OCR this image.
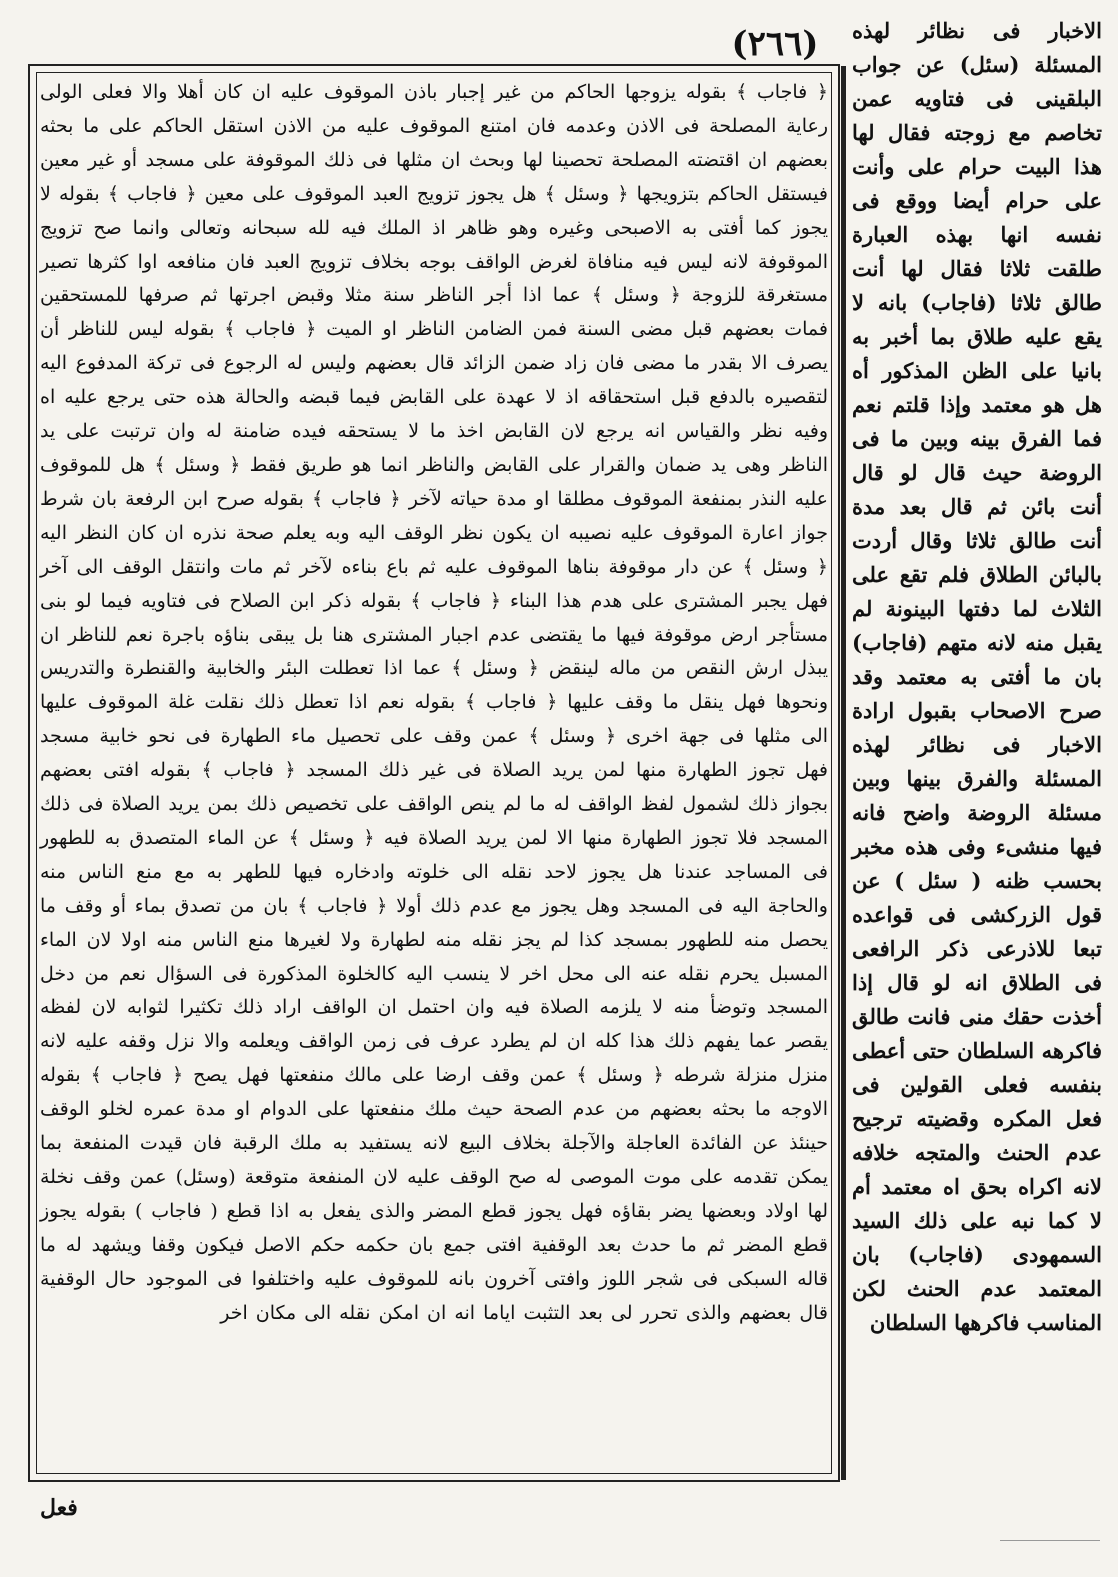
(٢٦٦)

﴿ فاجاب ﴾ بقوله يزوجها الحاكم من غير إجبار باذن الموقوف عليه ان كان أهلا والا فعلى الولى رعاية المصلحة فى الاذن وعدمه فان امتنع الموقوف عليه من الاذن استقل الحاكم على ما بحثه بعضهم ان اقتضته المصلحة تحصينا لها وبحث ان مثلها فى ذلك الموقوفة على مسجد أو غير معين فيستقل الحاكم بتزويجها ﴿ وسئل ﴾ هل يجوز تزويج العبد الموقوف على معين ﴿ فاجاب ﴾ بقوله لا يجوز كما أفتى به الاصبحى وغيره وهو ظاهر اذ الملك فيه لله سبحانه وتعالى وانما صح تزويج الموقوفة لانه ليس فيه منافاة لغرض الواقف بوجه بخلاف تزويج العبد فان منافعه اوا كثرها تصير مستغرقة للزوجة ﴿ وسئل ﴾ عما اذا أجر الناظر سنة مثلا وقبض اجرتها ثم صرفها للمستحقين فمات بعضهم قبل مضى السنة فمن الضامن الناظر او الميت ﴿ فاجاب ﴾ بقوله ليس للناظر أن يصرف الا بقدر ما مضى فان زاد ضمن الزائد قال بعضهم وليس له الرجوع فى تركة المدفوع اليه لتقصيره بالدفع قبل استحقاقه اذ لا عهدة على القابض فيما قبضه والحالة هذه حتى يرجع عليه اه وفيه نظر والقياس انه يرجع لان القابض اخذ ما لا يستحقه فيده ضامنة له وان ترتبت على يد الناظر وهى يد ضمان والقرار على القابض والناظر انما هو طريق فقط ﴿ وسئل ﴾ هل للموقوف عليه النذر بمنفعة الموقوف مطلقا او مدة حياته لآخر ﴿ فاجاب ﴾ بقوله صرح ابن الرفعة بان شرط جواز اعارة الموقوف عليه نصيبه ان يكون نظر الوقف اليه وبه يعلم صحة نذره ان كان النظر اليه ﴿ وسئل ﴾ عن دار موقوفة بناها الموقوف عليه ثم باع بناءه لآخر ثم مات وانتقل الوقف الى آخر فهل يجبر المشترى على هدم هذا البناء ﴿ فاجاب ﴾ بقوله ذكر ابن الصلاح فى فتاويه فيما لو بنى مستأجر ارض موقوفة فيها ما يقتضى عدم اجبار المشترى هنا بل يبقى بناؤه باجرة نعم للناظر ان يبذل ارش النقص من ماله لينقض ﴿ وسئل ﴾ عما اذا تعطلت البئر والخابية والقنطرة والتدريس ونحوها فهل ينقل ما وقف عليها ﴿ فاجاب ﴾ بقوله نعم اذا تعطل ذلك نقلت غلة الموقوف عليها الى مثلها فى جهة اخرى ﴿ وسئل ﴾ عمن وقف على تحصيل ماء الطهارة فى نحو خابية مسجد فهل تجوز الطهارة منها لمن يريد الصلاة فى غير ذلك المسجد ﴿ فاجاب ﴾ بقوله افتى بعضهم بجواز ذلك لشمول لفظ الواقف له ما لم ينص الواقف على تخصيص ذلك بمن يريد الصلاة فى ذلك المسجد فلا تجوز الطهارة منها الا لمن يريد الصلاة فيه ﴿ وسئل ﴾ عن الماء المتصدق به للطهور فى المساجد عندنا هل يجوز لاحد نقله الى خلوته وادخاره فيها للطهر به مع منع الناس منه والحاجة اليه فى المسجد وهل يجوز مع عدم ذلك أولا ﴿ فاجاب ﴾ بان من تصدق بماء أو وقف ما يحصل منه للطهور بمسجد كذا لم يجز نقله منه لطهارة ولا لغيرها منع الناس منه اولا لان الماء المسبل يحرم نقله عنه الى محل اخر لا ينسب اليه كالخلوة المذكورة فى السؤال نعم من دخل المسجد وتوضأ منه لا يلزمه الصلاة فيه وان احتمل ان الواقف اراد ذلك تكثيرا لثوابه لان لفظه يقصر عما يفهم ذلك هذا كله ان لم يطرد عرف فى زمن الواقف ويعلمه والا نزل وقفه عليه لانه منزل منزلة شرطه ﴿ وسئل ﴾ عمن وقف ارضا على مالك منفعتها فهل يصح ﴿ فاجاب ﴾ بقوله الاوجه ما بحثه بعضهم من عدم الصحة حيث ملك منفعتها على الدوام او مدة عمره لخلو الوقف حينئذ عن الفائدة العاجلة والآجلة بخلاف البيع لانه يستفيد به ملك الرقبة فان قيدت المنفعة بما يمكن تقدمه على موت الموصى له صح الوقف عليه لان المنفعة متوقعة (وسئل) عمن وقف نخلة لها اولاد وبعضها يضر بقاؤه فهل يجوز قطع المضر والذى يفعل به اذا قطع ( فاجاب ) بقوله يجوز قطع المضر ثم ما حدث بعد الوقفية افتى جمع بان حكمه حكم الاصل فيكون وقفا ويشهد له ما قاله السبكى فى شجر اللوز وافتى آخرون بانه للموقوف عليه واختلفوا فى الموجود حال الوقفية قال بعضهم والذى تحرر لى بعد التثبت اياما انه ان امكن نقله الى مكان اخر

الاخبار فى نظائر لهذه المسئلة (سئل) عن جواب البلقينى فى فتاويه عمن تخاصم مع زوجته فقال لها هذا البيت حرام على وأنت على حرام أيضا ووقع فى نفسه انها بهذه العبارة طلقت ثلاثا فقال لها أنت طالق ثلاثا (فاجاب) بانه لا يقع عليه طلاق بما أخبر به بانيا على الظن المذكور أه هل هو معتمد وإذا قلتم نعم فما الفرق بينه وبين ما فى الروضة حيث قال لو قال أنت بائن ثم قال بعد مدة أنت طالق ثلاثا وقال أردت بالبائن الطلاق فلم تقع على الثلاث لما دفتها البينونة لم يقبل منه لانه متهم (فاجاب) بان ما أفتى به معتمد وقد صرح الاصحاب بقبول ارادة الاخبار فى نظائر لهذه المسئلة والفرق بينها وبين مسئلة الروضة واضح فانه فيها منشىء وفى هذه مخبر بحسب ظنه ( سئل ) عن قول الزركشى فى قواعده تبعا للاذرعى ذكر الرافعى فى الطلاق انه لو قال إذا أخذت حقك منى فانت طالق فاكرهه السلطان حتى أعطى بنفسه فعلى القولين فى فعل المكره وقضيته ترجيح عدم الحنث والمتجه خلافه لانه اكراه بحق اه معتمد أم لا كما نبه على ذلك السيد السمهودى (فاجاب) بان المعتمد عدم الحنث لكن المناسب فاكرهها السلطان

فعل
